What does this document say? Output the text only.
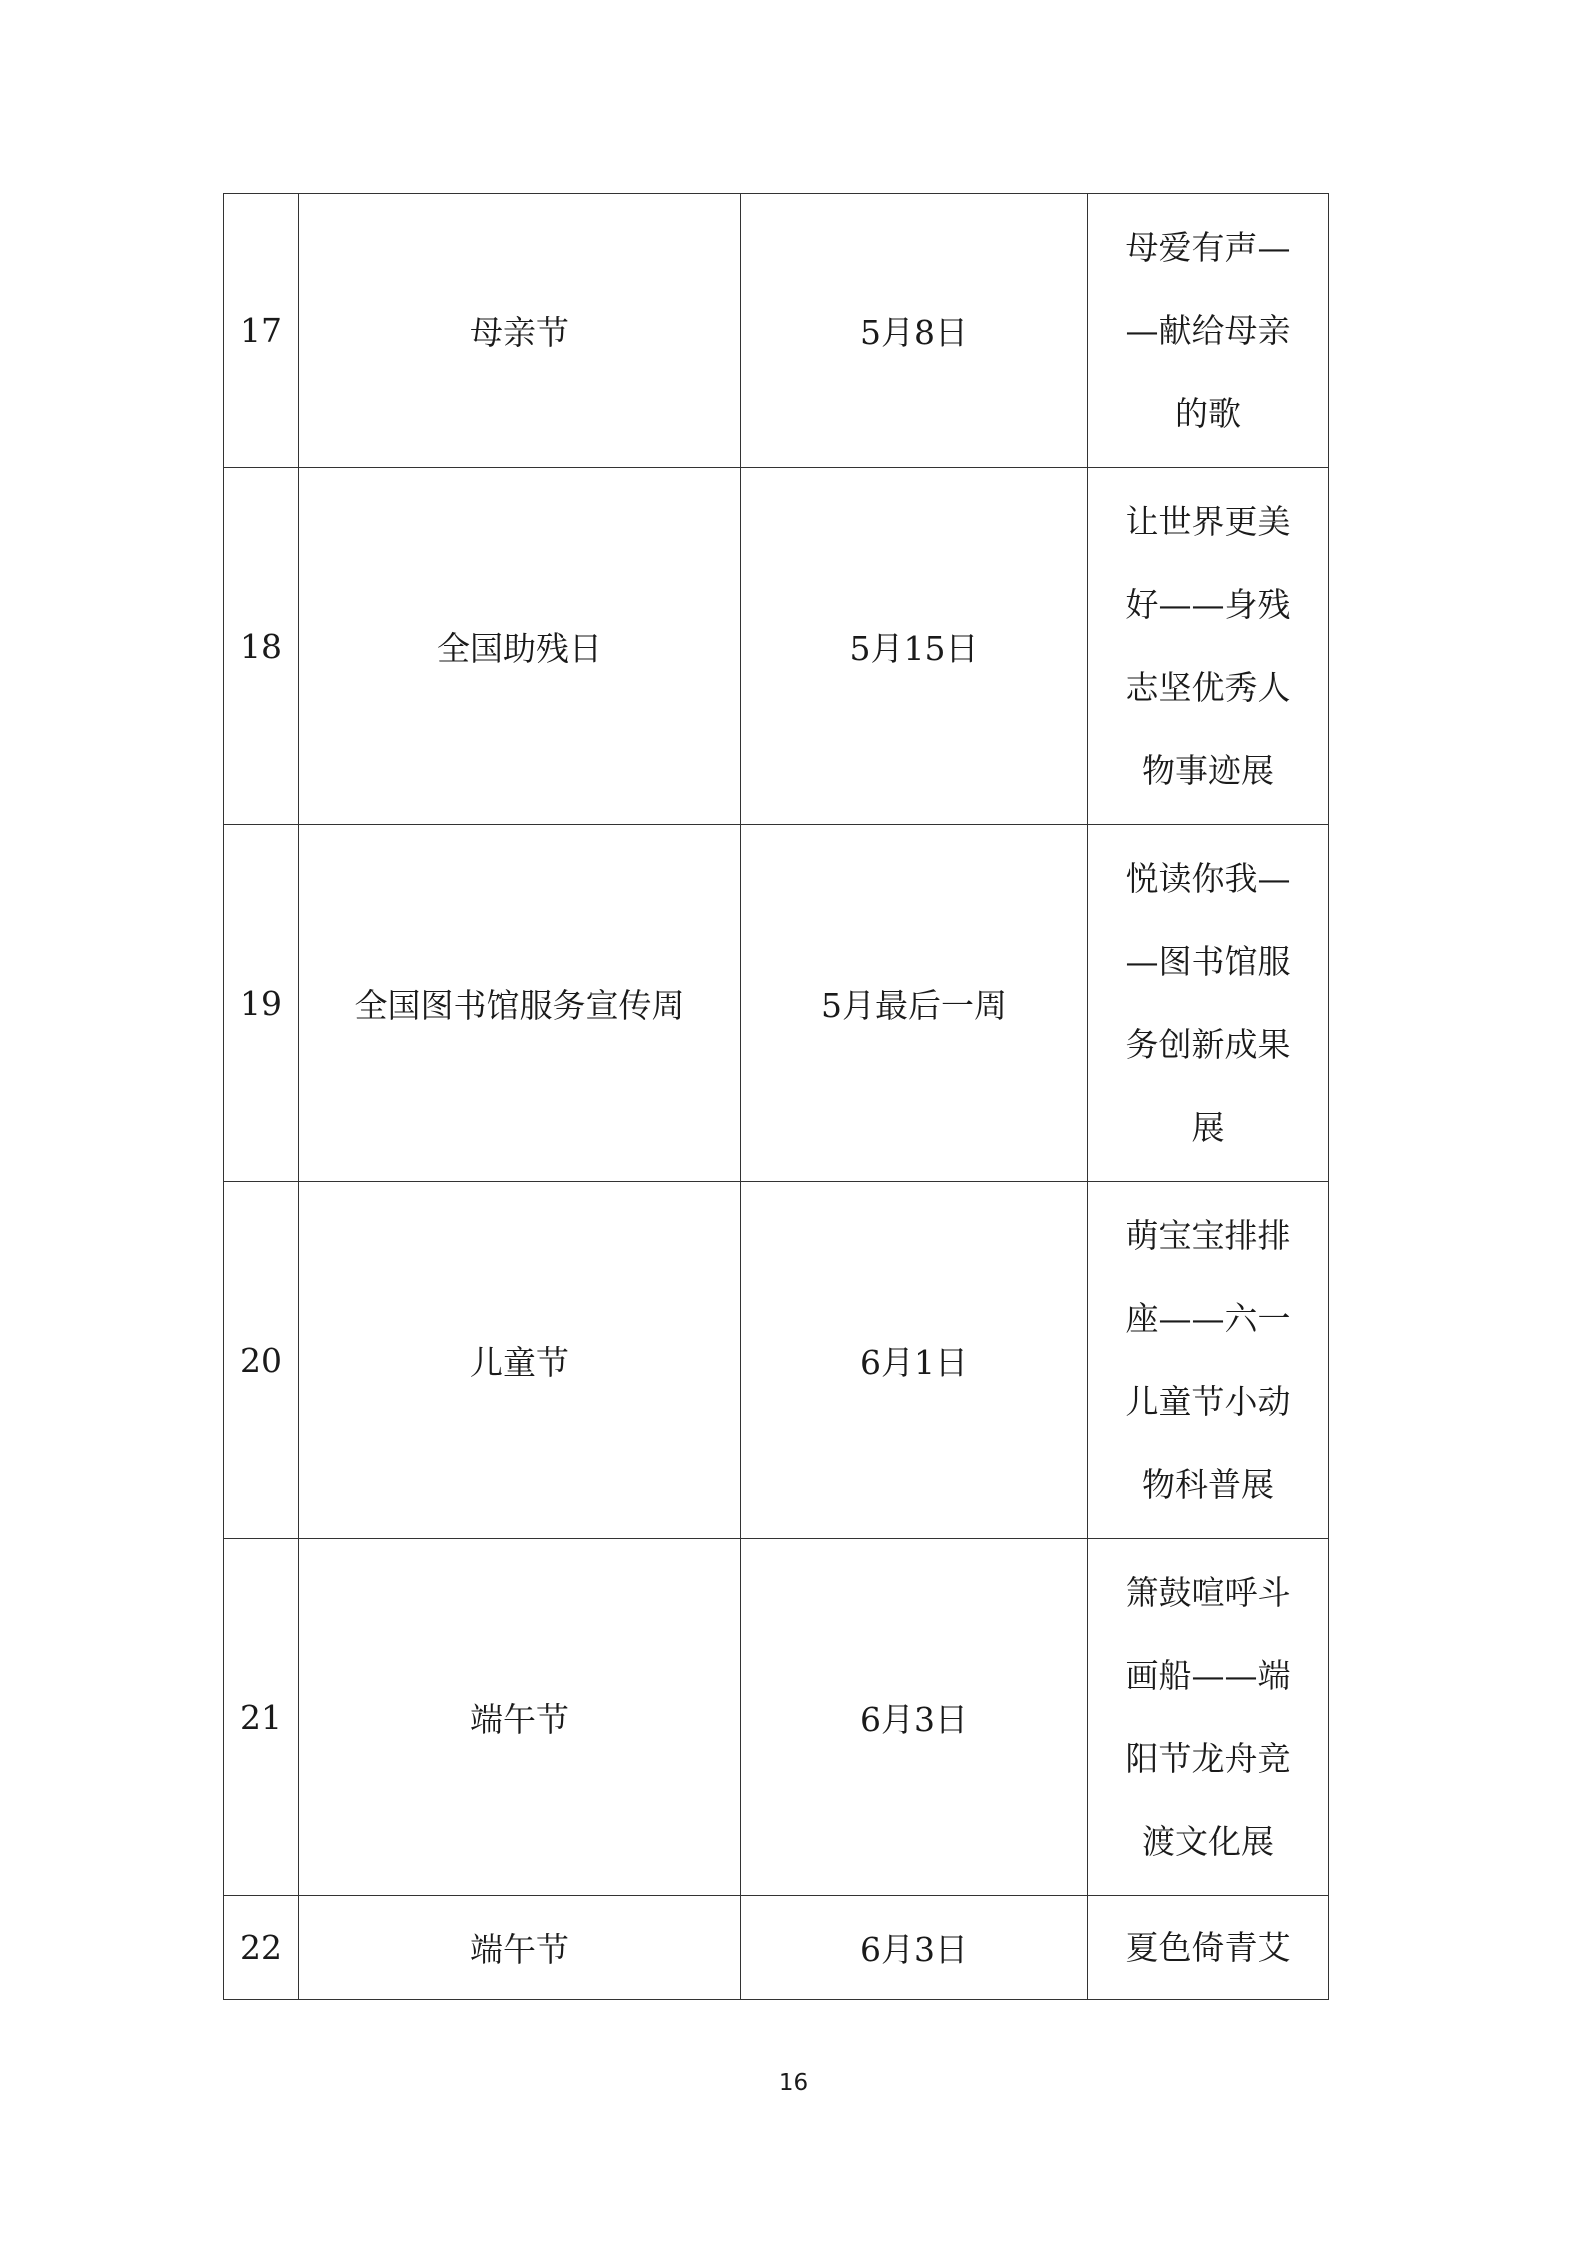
17	母亲节	5月8日	母爱有声—
—献给母亲
的歌

18	全国助残日	5月15日	让世界更美
好——身残
志坚优秀人
物事迹展

19	全国图书馆服务宣传周	5月最后一周	悦读你我—
—图书馆服
务创新成果
展

20	儿童节	6月1日	萌宝宝排排
座——六一
儿童节小动
物科普展

21	端午节	6月3日	箫鼓喧呼斗
画船——端
阳节龙舟竞
渡文化展

22	端午节	6月3日	夏色倚青艾
16
